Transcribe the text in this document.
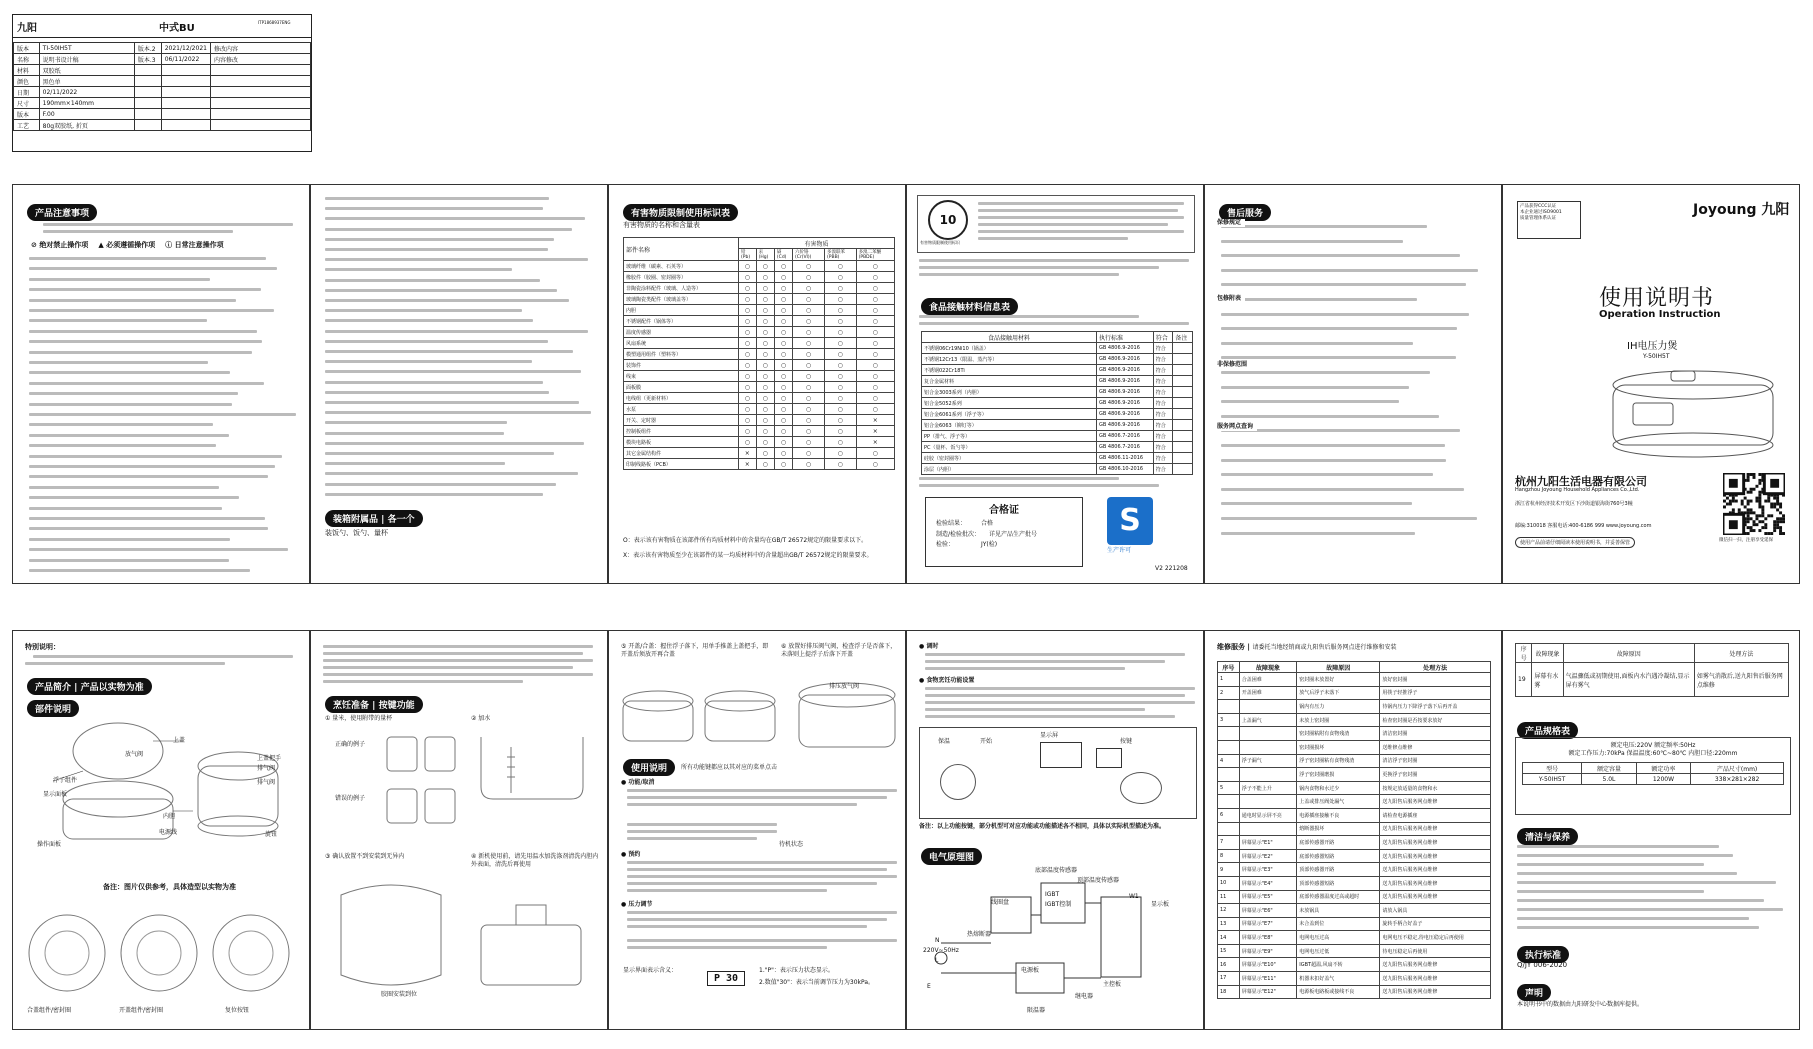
九阳	中式BU
ITP1868937ENG
版本	TI-50IH5T	版本.2	2021/12/2021	修改内容
名称	说明书设计稿	版本.3	06/11/2022	内容修改
材料	双胶纸			
颜色	黑色单			
日期	02/11/2022			
尺寸	190mm×140mm			
版本	F.00			
工艺	80g双胶纸, 折页			
产品注意事项
⊘ 绝对禁止操作项 ▲ 必须遵循操作项 ⓘ 日常注意操作项
装箱附属品 | 各一个
装饭勺、饭勺、量杯
有害物质限制使用标识表
有害物质的名称和含量表
部件名称	有害物质					
	铅(Pb)	汞(Hg)	镉(Cd)	六价铬(Cr(VI))	多溴联苯(PBB)	多溴二苯醚(PBDE)
玻璃纤维（碳素、石英等）	○	○	○	○	○	○
橡胶件（胶圈、密封圈等）	○	○	○	○	○	○
非陶瓷涂料配件（玻璃、人造等）	○	○	○	○	○	○
玻璃陶瓷类配件（玻璃盖等）	○	○	○	○	○	○
内胆	○	○	○	○	○	○
不锈钢配件（锅体等）	○	○	○	○	○	○
温度传感器	○	○	○	○	○	○
风扇系统	○	○	○	○	○	○
模塑通用组件（塑料等）	○	○	○	○	○	○
装饰件	○	○	○	○	○	○
线束	○	○	○	○	○	○
面板膜	○	○	○	○	○	○
电线组（更新材料）	○	○	○	○	○	○
水泵	○	○	○	○	○	○
开关、定时器	○	○	○	○	○	×
控制板组件	○	○	○	○	○	×
模块电路板	○	○	○	○	○	×
其它金属结构件	×	○	○	○	○	○
印制线路板（PCB）	×	○	○	○	○	○
O：表示该有害物质在该部件所有均质材料中的含量均在GB/T 26572规定的限量要求以下。
X：表示该有害物质至少在该部件的某一均质材料中的含量超出GB/T 26572规定的限量要求。
10
有害物质限制使用标识
食品接触材料信息表
食品接触用材料	执行标准	符合	备注
不锈钢06Cr19Ni10（锅盖）	GB 4806.9-2016	符合	
不锈钢12Cr13（限温、蒸汽等）	GB 4806.9-2016	符合	
不锈钢022Cr18Ti	GB 4806.9-2016	符合	
复合金属材料	GB 4806.9-2016	符合	
铝合金3003系列（内胆）	GB 4806.9-2016	符合	
铝合金5052系列	GB 4806.9-2016	符合	
铝合金6061系列（浮子等）	GB 4806.9-2016	符合	
铝合金6063（铆钉等）	GB 4806.9-2016	符合	
PP（排气、浮子等）	GB 4806.7-2016	符合	
PC（量杯、饭勺等）	GB 4806.7-2016	符合	
硅胶（密封圈等）	GB 4806.11-2016	符合	
涂层（内胆）	GB 4806.10-2016	符合	
合格证
检验结果：　　　合格
制造/检验批次：　　详见产品生产批号
检验：　　　　　JY(检)
S
生产许可
V2 221208
售后服务
保修规定
包修附表
非保修范围
服务网点查询
产品获得CCC认证
本企业通过ISO9001
质量管理体系认证
Joyoung 九阳
使用说明书
Operation Instruction
IH电压力煲
Y-50IH5T
杭州九阳生活电器有限公司
Hangzhou Joyoung Household Appliances Co.,Ltd.
浙江省杭州经济技术开发区下沙街道银海街760号3幢
邮编:310018 客服电话:400-6186 999 www.joyoung.com
使用产品前请仔细阅读本使用说明书，并妥善保管	微信扫一扫，注册享受延保
特别说明：
产品简介 | 产品以实物为准
部件说明
上盖
放气阀
浮子组件
显示面板
内胆
电源线
操作面板
上盖把手
排气阀
排气阀
旋钮
备注：图片仅供参考，具体造型以实物为准
合盖组件/密封圈	开盖组件/密封圈	复位按钮
烹饪准备 | 按键功能
① 量米，使用附带的量杯	② 加水
正确的例子
错误的例子
③ 确认放置不到安装到无异内	④ 新机使用前，请先用温水加洗涤剂清洗内胆内外表面，清洗后再使用
胶圈安装到位
⑤ 开盖/合盖：握住浮子落下，用单手推盖上盖把手，即开盖后须放开再合盖
⑥ 放置好排压阀气阀，检查浮子是否落下，未落则上提浮子后落下开盖
排压放气阀
使用说明	所有功能键都应以其对应的菜单点击
● 功能/取消
待机状态
● 预约
● 压力调节
显示界面表示含义：
P 30
1."P"：表示压力状态显示。
2.数值"30"：表示当前调节压力为30kPa。
● 调时
● 食物烹饪功能设置
保温	开始
显示屏
按键
备注：以上功能按键，部分机型可对应功能或功能描述各不相同，具体以实际机型描述为准。
电气原理图
220V~50Hz
热熔断器
IGBT
IGBT控制
线圈盘	显示板
电源板
W1
E
N
L
底部温度传感器
顶部温度传感器
继电器
主控板
限温器
维修服务 | 请委托当地经销商或九阳售后服务网点进行维修和安装
序号	故障现象	故障原因	处理方法
1	合盖困难	密封圈未放置好	放好密封圈
2	开盖困难	放气后浮子未落下	用筷子轻推浮子
		锅内有压力	待锅内压力下降浮子落下后再开盖
3	上盖漏气	未放上密封圈	检查密封圈是否按要求放好
		密封圈粘附有食物残渣	清洁密封圈
		密封圈损坏	送维修点维修
4	浮子漏气	浮子密封圈粘有食物残渣	清洁浮子密封圈
		浮子密封圈磨损	更换浮子密封圈
5	浮子不能上升	锅内食物和水过少	按规定放适量的食物和水
		上盖或排压阀处漏气	送九阳售后服务网点维修
6	通电时显示屏不亮	电源插座接触不良	请检查电源插座
		熔断器损坏	送九阳售后服务网点维修
7	屏幕显示"E1"	底部传感器开路	送九阳售后服务网点维修
8	屏幕显示"E2"	底部传感器短路	送九阳售后服务网点维修
9	屏幕显示"E3"	顶部传感器开路	送九阳售后服务网点维修
10	屏幕显示"E4"	顶部传感器短路	送九阳售后服务网点维修
11	屏幕显示"E5"	底部传感器温度过高或超时	送九阳售后服务网点维修
12	屏幕显示"E6"	未放锅具	请放入锅具
13	屏幕显示"E7"	未合盖到位	旋转手柄合好盖子
14	屏幕显示"E8"	电网电压过高	电网电压不稳定,待电压稳定后再使用
15	屏幕显示"E9"	电网电压过低	待电压稳定后再使用
16	屏幕显示"E10"	IGBT超温,风扇不转	送九阳售后服务网点维修
17	屏幕显示"E11"	机器未扣好盖气	送九阳售后服务网点维修
18	屏幕显示"E12"	电源板电路板或接线不良	送九阳售后服务网点维修
序号	故障现象	故障原因	处理方法
19	屏幕有水雾	气温骤低或初期使用,面板内水汽遇冷凝结,显示屏有雾气	如雾气消散后,送九阳售后服务网点维修
产品规格表
额定电压:220V 额定频率:50Hz
额定工作压力:70kPa 保温温度:60℃~80℃ 内胆口径:220mm
型号	额定容量	额定功率	产品尺寸(mm)
Y-50IH5T	5.0L	1200W	338×281×282
清洁与保养
执行标准
Q/JY 006-2020
声明
本说明书中的数据由九阳研发中心数据库提供。
